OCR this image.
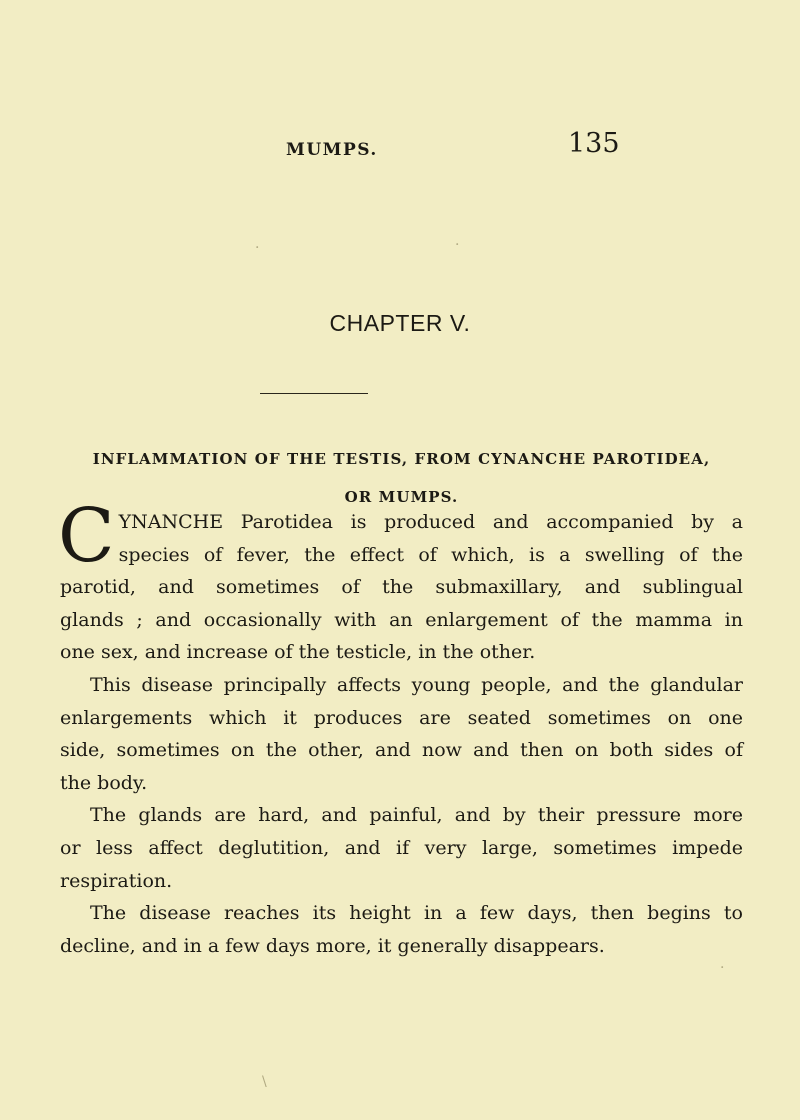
MUMPS.	135
CHAPTER V.
INFLAMMATION OF THE TESTIS, FROM CYNANCHE PAROTIDEA,
OR MUMPS.
C YNANCHE Parotidea is produced and accompanied by a
species of fever, the effect of which, is a swelling of the
parotid, and sometimes of the submaxillary, and sublingual
glands ; and occasionally with an enlargement of the mamma in
one sex, and increase of the testicle, in the other.
This disease principally affects young people, and the glandular
enlargements which it produces are seated sometimes on one
side, sometimes on the other, and now and then on both sides of
the body.
The glands are hard, and painful, and by their pressure more
or less affect deglutition, and if very large, sometimes impede
respiration.
The disease reaches its height in a few days, then begins to
decline, and in a few days more, it generally disappears.
·	·
·
\
